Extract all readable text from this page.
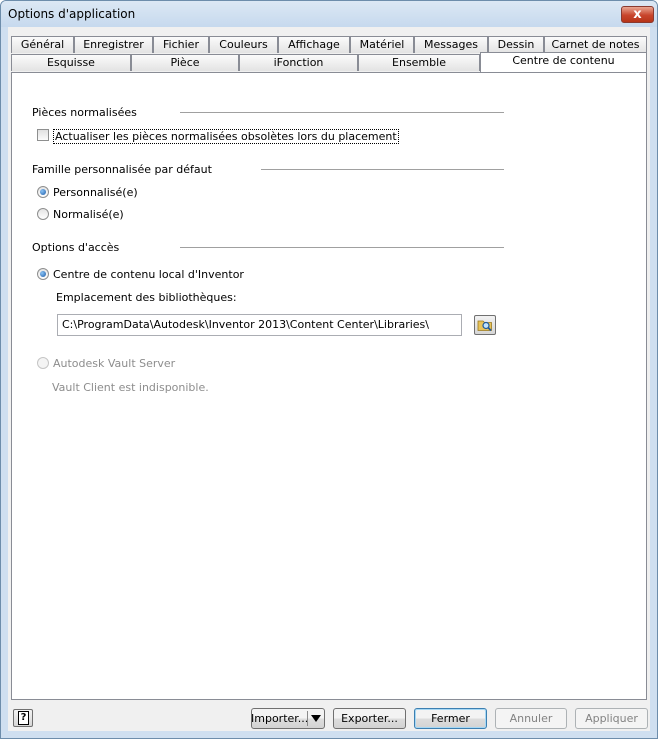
Options d'application	x
Général	Enregistrer	Fichier	Couleurs	Affichage	Matériel	Messages	Dessin	Carnet de notes
Esquisse	Pièce	iFonction	Ensemble	Centre de contenu
Pièces normalisées
Actualiser les pièces normalisées obsolètes lors du placement
Famille personnalisée par défaut
Personnalisé(e)
Normalisé(e)
Options d'accès
Centre de contenu local d'Inventor
Emplacement des bibliothèques:
C:\ProgramData\Autodesk\Inventor 2013\Content Center\Libraries\
Autodesk Vault Server
Vault Client est indisponible.
?	Importer...	Exporter...	Fermer	Annuler	Appliquer
